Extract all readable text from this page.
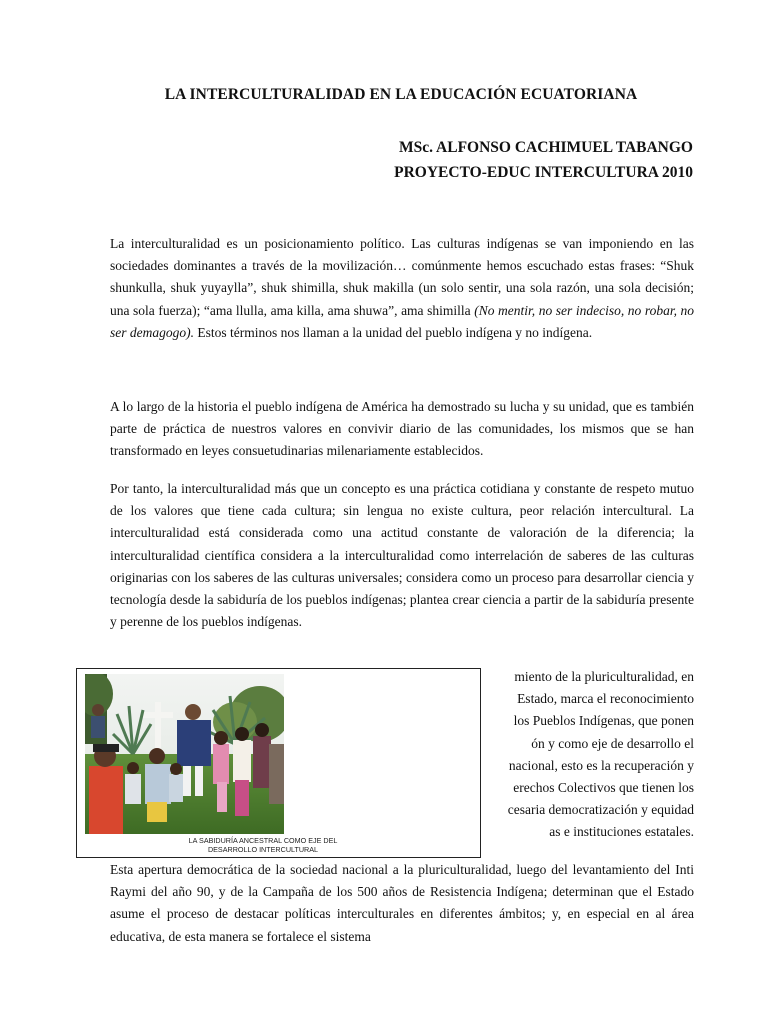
LA INTERCULTURALIDAD EN LA EDUCACIÓN ECUATORIANA
MSc. ALFONSO CACHIMUEL TABANGO
PROYECTO-EDUC INTERCULTURA 2010

La interculturalidad es un posicionamiento político. Las culturas indígenas se van imponiendo en las sociedades dominantes a través de la movilización… comúnmente hemos escuchado estas frases: “Shuk shunkulla, shuk yuyaylla”, shuk shimilla, shuk makilla (un solo sentir, una sola razón, una sola decisión; una sola fuerza); “ama llulla, ama killa, ama shuwa”, ama shimilla (No mentir, no ser indeciso, no robar, no ser demagogo). Estos términos nos llaman a la unidad del pueblo indígena y no indígena.

A lo largo de la historia el pueblo indígena de América ha demostrado su lucha y su unidad, que es también parte de práctica de nuestros valores en convivir diario de las comunidades, los mismos que se han transformado en leyes consuetudinarias milenariamente establecidos.

Por tanto, la interculturalidad más que un concepto es una práctica cotidiana y constante de respeto mutuo de los valores que tiene cada cultura; sin lengua no existe cultura, peor relación intercultural. La interculturalidad está considerada como una actitud constante de valoración de la diferencia; la interculturalidad científica considera a la interculturalidad como interrelación de saberes de las culturas originarias con los saberes de las culturas universales; considera como un proceso para desarrollar ciencia y tecnología desde la sabiduría de los pueblos indígenas; plantea crear ciencia a partir de la sabiduría presente y perenne de los pueblos indígenas.

miento de la pluriculturalidad, en
Estado, marca el reconocimiento
los Pueblos Indígenas, que ponen
ón y como eje de desarrollo el
nacional, esto es la recuperación y
erechos Colectivos que tienen los
cesaria democratización y equidad
as e instituciones estatales.
LA SABIDURÍA ANCESTRAL COMO EJE DEL
DESARROLLO INTERCULTURAL

Esta apertura democrática de la sociedad nacional a la pluriculturalidad, luego del levantamiento del Inti Raymi del año 90, y de la Campaña de los 500 años de Resistencia Indígena; determinan que el Estado asume el proceso de destacar políticas interculturales en diferentes ámbitos; y, en especial en al área educativa, de esta manera se fortalece el sistema
